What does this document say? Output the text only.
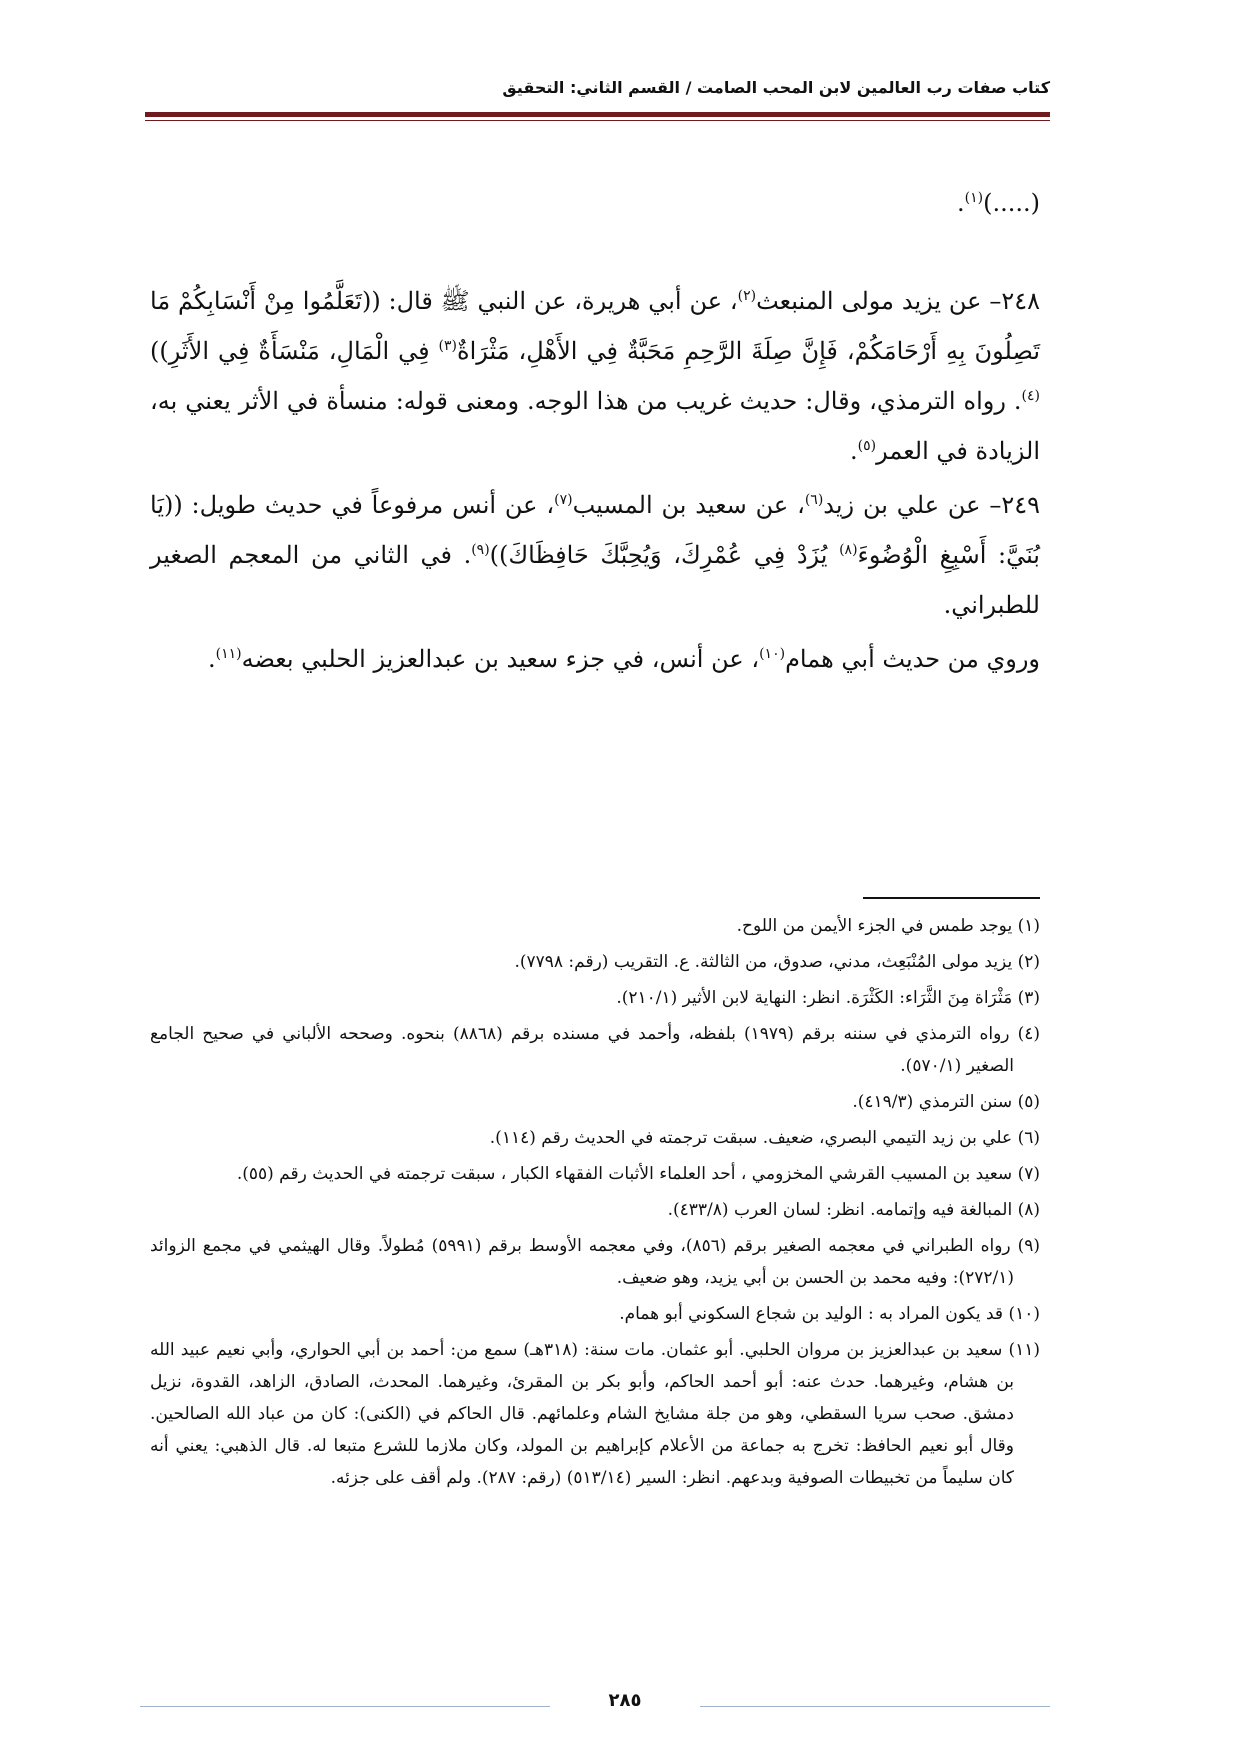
كتاب صفات رب العالمين لابن المحب الصامت / القسم الثاني: التحقيق

(.....)$^{(١)}$.

٢٤٨– عن يزيد مولى المنبعث$^{(٢)}$، عن أبي هريرة، عن النبي ﷺ قال: ((تَعَلَّمُوا مِنْ أَنْسَابِكُمْ مَا تَصِلُونَ بِهِ أَرْحَامَكُمْ، فَإِنَّ صِلَةَ الرَّحِمِ مَحَبَّةٌ فِي الأَهْلِ، مَثْرَاةٌ$^{(٣)}$ فِي الْمَالِ، مَنْسَأَةٌ فِي الأَثَرِ))$^{(٤)}$. رواه الترمذي، وقال: حديث غريب من هذا الوجه. ومعنى قوله: منسأة في الأثر يعني به، الزيادة في العمر$^{(٥)}$.

٢٤٩– عن علي بن زيد$^{(٦)}$، عن سعيد بن المسيب$^{(٧)}$، عن أنس مرفوعاً في حديث طويل: ((يَا بُنَيَّ: أَسْبِغِ الْوُضُوءَ$^{(٨)}$ يُزَدْ فِي عُمْرِكَ، وَيُحِبَّكَ حَافِظَاكَ))$^{(٩)}$. في الثاني من المعجم الصغير للطبراني.

وروي من حديث أبي همام$^{(١٠)}$، عن أنس، في جزء سعيد بن عبدالعزيز الحلبي بعضه$^{(١١)}$.

(١) يوجد طمس في الجزء الأيمن من اللوح.

(٢) يزيد مولى المُنْبَعِث، مدني، صدوق، من الثالثة. ع. التقريب (رقم: ٧٧٩٨).

(٣) مَثْرَاة مِنَ الثَّرَاء: الكَثْرَة. انظر: النهاية لابن الأثير (٢١٠/١).

(٤) رواه الترمذي في سننه برقم (١٩٧٩) بلفظه، وأحمد في مسنده برقم (٨٨٦٨) بنحوه. وصححه الألباني في صحيح الجامع الصغير (٥٧٠/١).

(٥) سنن الترمذي (٤١٩/٣).

(٦) علي بن زيد التيمي البصري، ضعيف. سبقت ترجمته في الحديث رقم (١١٤).

(٧) سعيد بن المسيب القرشي المخزومي ، أحد العلماء الأثبات الفقهاء الكبار ، سبقت ترجمته في الحديث رقم (٥٥).

(٨) المبالغة فيه وإتمامه. انظر: لسان العرب (٤٣٣/٨).

(٩) رواه الطبراني في معجمه الصغير برقم (٨٥٦)، وفي معجمه الأوسط برقم (٥٩٩١) مُطولاً. وقال الهيثمي في مجمع الزوائد (٢٧٢/١): وفيه محمد بن الحسن بن أبي يزيد، وهو ضعيف.

(١٠) قد يكون المراد به : الوليد بن شجاع السكوني أبو همام.

(١١) سعيد بن عبدالعزيز بن مروان الحلبي. أبو عثمان. مات سنة: (٣١٨هـ) سمع من: أحمد بن أبي الحواري، وأبي نعيم عبيد الله بن هشام، وغيرهما. حدث عنه: أبو أحمد الحاكم، وأبو بكر بن المقرئ، وغيرهما. المحدث، الصادق، الزاهد، القدوة، نزيل دمشق. صحب سريا السقطي، وهو من جلة مشايخ الشام وعلمائهم. قال الحاكم في (الكنى): كان من عباد الله الصالحين. وقال أبو نعيم الحافظ: تخرج به جماعة من الأعلام كإبراهيم بن المولد، وكان ملازما للشرع متبعا له. قال الذهبي: يعني أنه كان سليماً من تخبيطات الصوفية وبدعهم. انظر: السير (٥١٣/١٤) (رقم: ٢٨٧). ولم أقف على جزئه.

٢٨٥
